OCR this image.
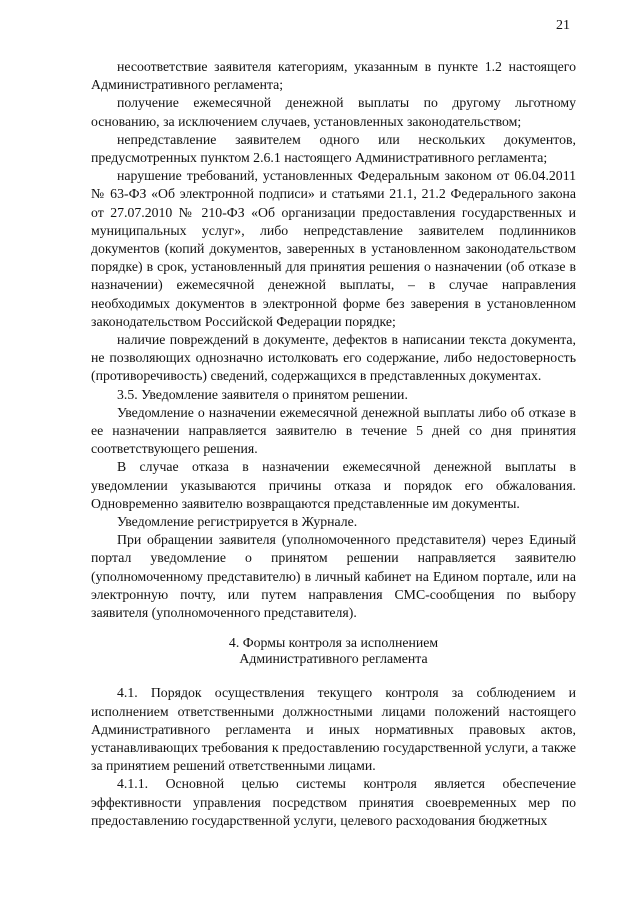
21

несоответствие заявителя категориям, указанным в пункте 1.2 настоящего Административного регламента;

получение ежемесячной денежной выплаты по другому льготному основанию, за исключением случаев, установленных законодательством;

непредставление заявителем одного или нескольких документов, предусмотренных пунктом 2.6.1 настоящего Административного регламента;

нарушение требований, установленных Федеральным законом от 06.04.2011 № 63-ФЗ «Об электронной подписи» и статьями 21.1, 21.2 Федерального закона от 27.07.2010 № 210-ФЗ «Об организации предоставления государственных и муниципальных услуг», либо непредставление заявителем подлинников документов (копий документов, заверенных в установленном законодательством порядке) в срок, установленный для принятия решения о назначении (об отказе в назначении) ежемесячной денежной выплаты, – в случае направления необходимых документов в электронной форме без заверения в установленном законодательством Российской Федерации порядке;

наличие повреждений в документе, дефектов в написании текста документа, не позволяющих однозначно истолковать его содержание, либо недостоверность (противоречивость) сведений, содержащихся в представленных документах.

3.5. Уведомление заявителя о принятом решении.

Уведомление о назначении ежемесячной денежной выплаты либо об отказе в ее назначении направляется заявителю в течение 5 дней со дня принятия соответствующего решения.

В случае отказа в назначении ежемесячной денежной выплаты в уведомлении указываются причины отказа и порядок его обжалования. Одновременно заявителю возвращаются представленные им документы.

Уведомление регистрируется в Журнале.

При обращении заявителя (уполномоченного представителя) через Единый портал уведомление о принятом решении направляется заявителю (уполномоченному представителю) в личный кабинет на Едином портале, или на электронную почту, или путем направления СМС-сообщения по выбору заявителя (уполномоченного представителя).

4. Формы контроля за исполнением
Административного регламента

4.1. Порядок осуществления текущего контроля за соблюдением и исполнением ответственными должностными лицами положений настоящего Административного регламента и иных нормативных правовых актов, устанавливающих требования к предоставлению государственной услуги, а также за принятием решений ответственными лицами.

4.1.1. Основной целью системы контроля является обеспечение эффективности управления посредством принятия своевременных мер по предоставлению государственной услуги, целевого расходования бюджетных
